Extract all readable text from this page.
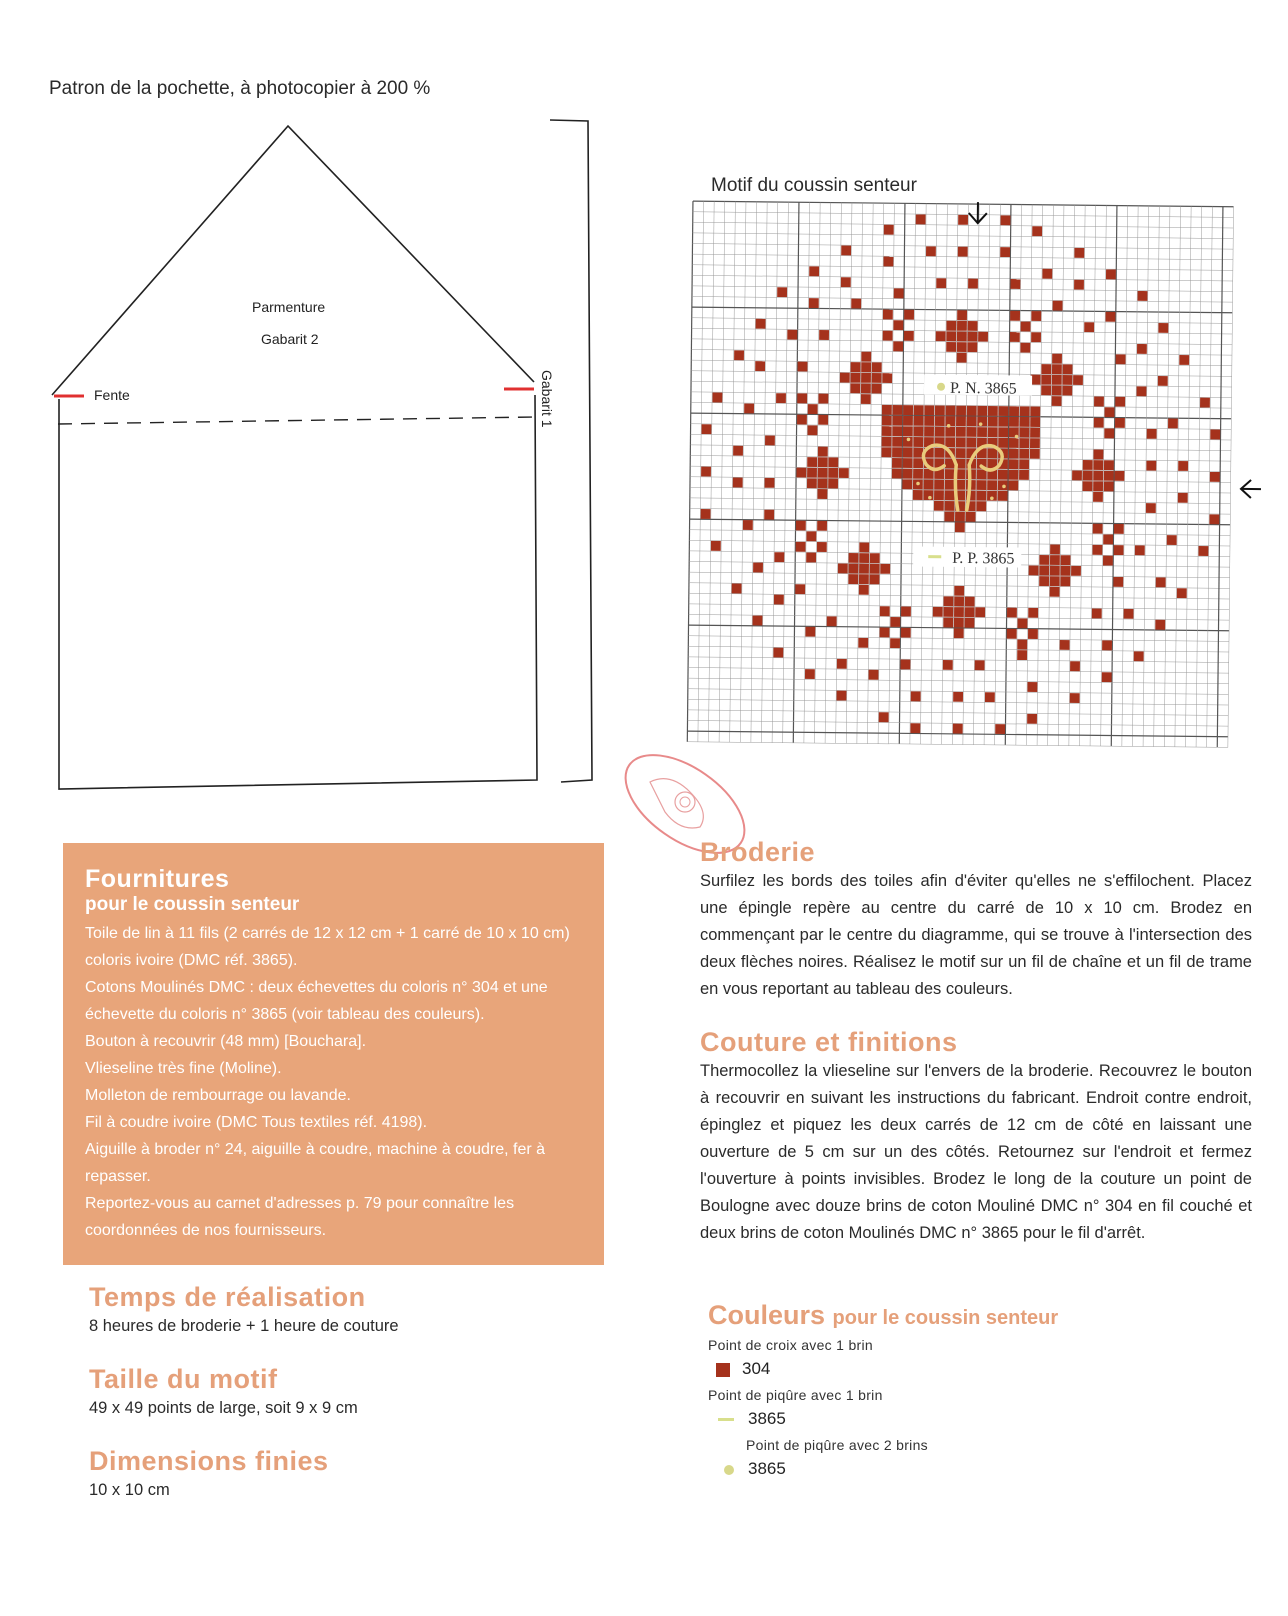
Patron de la pochette, à photocopier à 200 %
Parmenture
Gabarit 2
Fente	Gabarit 1
Motif du coussin senteur
P. N. 3865
P. P. 3865
Fournitures
pour le coussin senteur

Toile de lin à 11 fils (2 carrés de 12 x 12 cm + 1 carré de 10 x 10 cm) coloris ivoire (DMC réf. 3865).

Cotons Moulinés DMC : deux échevettes du coloris n° 304 et une échevette du coloris n° 3865 (voir tableau des couleurs).

Bouton à recouvrir (48 mm) [Bouchara].

Vlieseline très fine (Moline).

Molleton de rembourrage ou lavande.

Fil à coudre ivoire (DMC Tous textiles réf. 4198).

Aiguille à broder n° 24, aiguille à coudre, machine à coudre, fer à repasser.

Reportez-vous au carnet d'adresses p. 79 pour connaître les coordonnées de nos fournisseurs.

Temps de réalisation
8 heures de broderie + 1 heure de couture
Taille du motif
49 x 49 points de large, soit 9 x 9 cm
Dimensions finies
10 x 10 cm
Broderie
Surfilez les bords des toiles afin d'éviter qu'elles ne s'effilochent. Placez une épingle repère au centre du carré de 10 x 10 cm. Brodez en commençant par le centre du diagramme, qui se trouve à l'intersection des deux flèches noires. Réalisez le motif sur un fil de chaîne et un fil de trame en vous reportant au tableau des couleurs.
Couture et finitions
Thermocollez la vlieseline sur l'envers de la broderie. Recouvrez le bouton à recouvrir en suivant les instructions du fabricant. Endroit contre endroit, épinglez et piquez les deux carrés de 12 cm de côté en laissant une ouverture de 5 cm sur un des côtés. Retournez sur l'endroit et fermez l'ouverture à points invisibles. Brodez le long de la couture un point de Boulogne avec douze brins de coton Mouliné DMC n° 304 en fil couché et deux brins de coton Moulinés DMC n° 3865 pour le fil d'arrêt.
Couleurs pour le coussin senteur
Point de croix avec 1 brin
304
Point de piqûre avec 1 brin
3865
Point de piqûre avec 2 brins
3865
